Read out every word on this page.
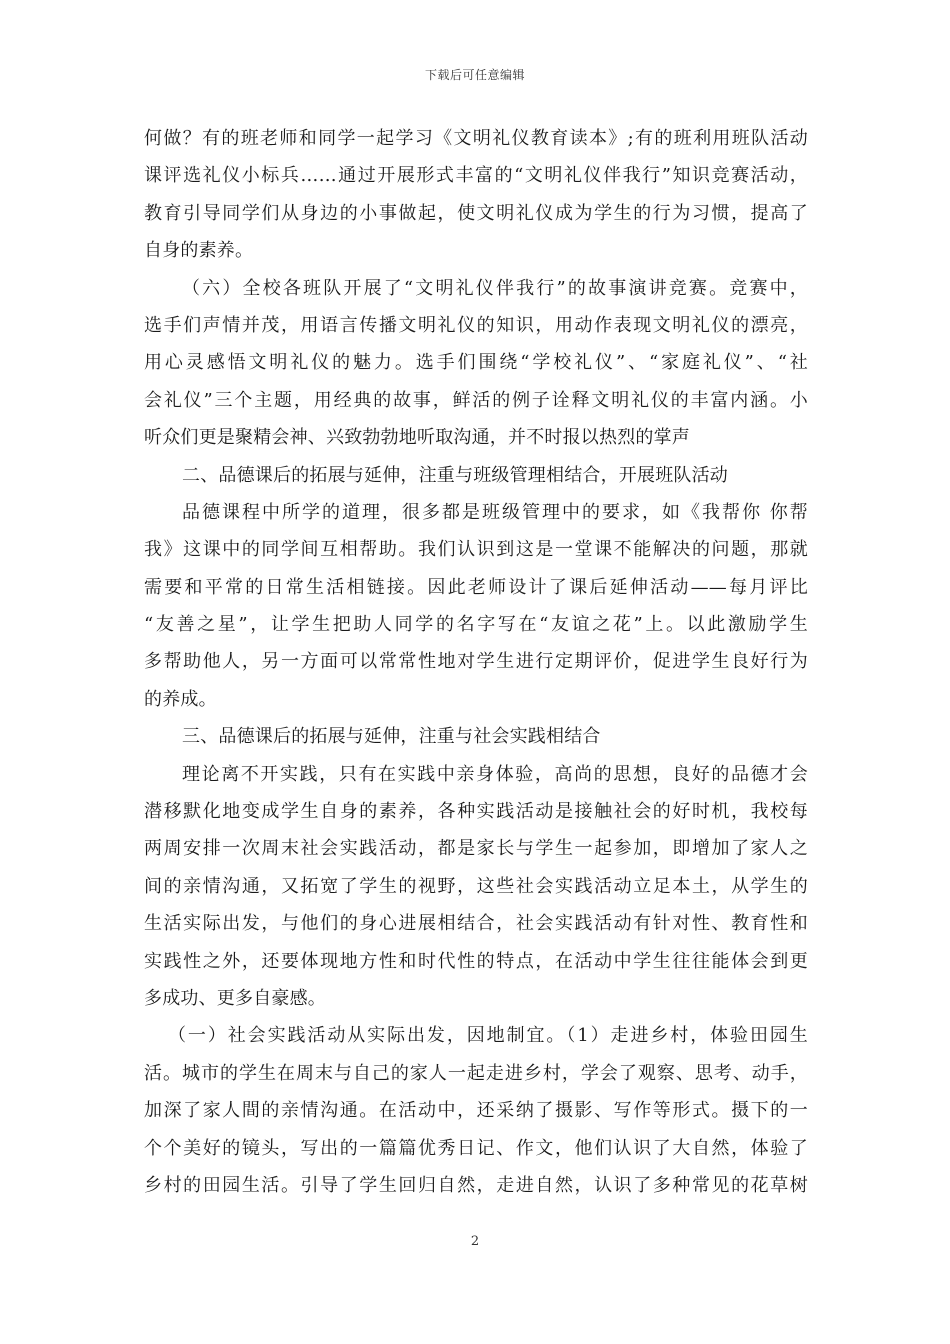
下载后可任意编辑
何做？有的班老师和同学一起学习《文明礼仪教育读本》;有的班利用班队活动
课评选礼仪小标兵……通过开展形式丰富的“文明礼仪伴我行”知识竞赛活动，
教育引导同学们从身边的小事做起，使文明礼仪成为学生的行为习惯，提高了
自身的素养。
（六）全校各班队开展了“文明礼仪伴我行”的故事演讲竞赛。竞赛中，
选手们声情并茂，用语言传播文明礼仪的知识，用动作表现文明礼仪的漂亮，
用心灵感悟文明礼仪的魅力。选手们围绕“学校礼仪”、“家庭礼仪”、“社
会礼仪”三个主题，用经典的故事，鲜活的例子诠释文明礼仪的丰富内涵。小
听众们更是聚精会神、兴致勃勃地听取沟通，并不时报以热烈的掌声
二、品德课后的拓展与延伸，注重与班级管理相结合，开展班队活动
品德课程中所学的道理，很多都是班级管理中的要求，如《我帮你 你帮
我》这课中的同学间互相帮助。我们认识到这是一堂课不能解决的问题，那就
需要和平常的日常生活相链接。因此老师设计了课后延伸活动——每月评比
“友善之星”，让学生把助人同学的名字写在“友谊之花”上。以此激励学生
多帮助他人，另一方面可以常常性地对学生进行定期评价，促进学生良好行为
的养成。
三、品德课后的拓展与延伸，注重与社会实践相结合
理论离不开实践，只有在实践中亲身体验，高尚的思想，良好的品德才会
潜移默化地变成学生自身的素养，各种实践活动是接触社会的好时机，我校每
两周安排一次周末社会实践活动，都是家长与学生一起参加，即增加了家人之
间的亲情沟通，又拓宽了学生的视野，这些社会实践活动立足本土，从学生的
生活实际出发，与他们的身心进展相结合，社会实践活动有针对性、教育性和
实践性之外，还要体现地方性和时代性的特点，在活动中学生往往能体会到更
多成功、更多自豪感。
（一）社会实践活动从实际出发，因地制宜。（1）走进乡村，体验田园生
活。城市的学生在周末与自己的家人一起走进乡村，学会了观察、思考、动手，
加深了家人間的亲情沟通。在活动中，还采纳了摄影、写作等形式。摄下的一
个个美好的镜头，写出的一篇篇优秀日记、作文，他们认识了大自然，体验了
乡村的田园生活。引导了学生回归自然，走进自然，认识了多种常见的花草树
2
